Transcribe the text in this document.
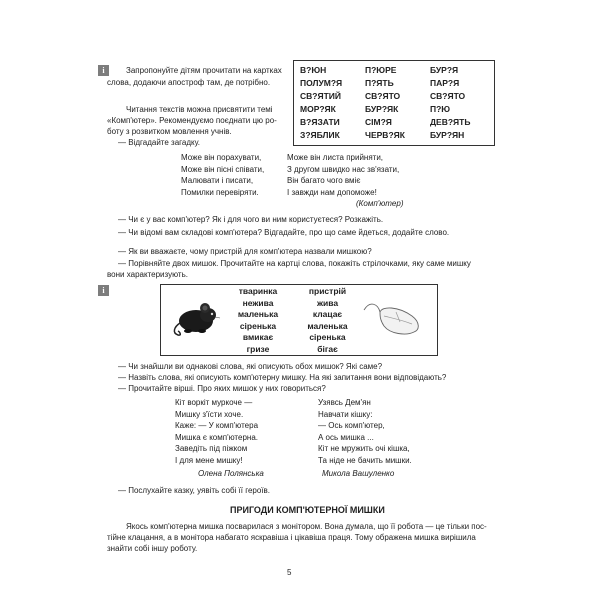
i	Запропонуйте дітям прочитати на картках
слова, додаючи апостроф там, де потрібно.
В?ЮН
ПОЛУМ?Я
СВ?ЯТИЙ
МОР?ЯК
В?ЯЗАТИ
З?ЯБЛИК
П?ЮРЕ
П?ЯТЬ
СВ?ЯТО
БУР?ЯК
СІМ?Я
ЧЕРВ?ЯК
БУР?Я
ПАР?Я
СВ?ЯТО
П?Ю
ДЕВ?ЯТЬ
БУР?ЯН
Читання текстів можна присвятити темі
«Комп'ютер». Рекомендуємо поєднати цю ро-
боту з розвитком мовлення учнів.
— Відгадайте загадку.
Може він порахувати,
Може він пісні співати,
Малювати і писати,
Помилки перевіряти.
Може він листа прийняти,
З другом швидко нас зв'язати,
Він багато чого вміє
І завжди нам допоможе!
(Комп'ютер)
— Чи є у вас комп'ютер? Як і для чого ви ним користуєтеся? Розкажіть.
— Чи відомі вам складові комп'ютера? Відгадайте, про що саме йдеться, додайте слово.
— Як ви вважаєте, чому пристрій для комп'ютера назвали мишкою?
— Порівняйте двох мишок. Прочитайте на картці слова, покажіть стрілочками, яку саме мишку
вони характеризують.
i	тваринка
нежива
маленька
сіренька
вмикає
гризе
пристрій
жива
клацає
маленька
сіренька
бігає
— Чи знайшли ви однакові слова, які описують обох мишок? Які саме?
— Назвіть слова, які описують комп'ютерну мишку. На які запитання вони відповідають?
— Прочитайте вірші. Про яких мишок у них говориться?
Кіт воркіт муркоче —
Мишку з'їсти хоче.
Каже: — У комп'ютера
Мишка є комп'ютерна.
Заведіть під піжком
І для мене мишку!
Олена Полянська
Узявсь Дем'ян
Навчати кішку:
— Ось комп'ютер,
А ось мишка ...
Кіт не мружить очі кішка,
Та ніде не бачить мишки.
Микола Вашуленко
— Послухайте казку, уявіть собі її героїв.
ПРИГОДИ КОМП'ЮТЕРНОЇ МИШКИ
Якось комп'ютерна мишка посварилася з монітором. Вона думала, що її робота — це тільки пос-
тійне клацання, а в монітора набагато яскравіша і цікавіша праця. Тому ображена мишка вирішила
знайти собі іншу роботу.
5
